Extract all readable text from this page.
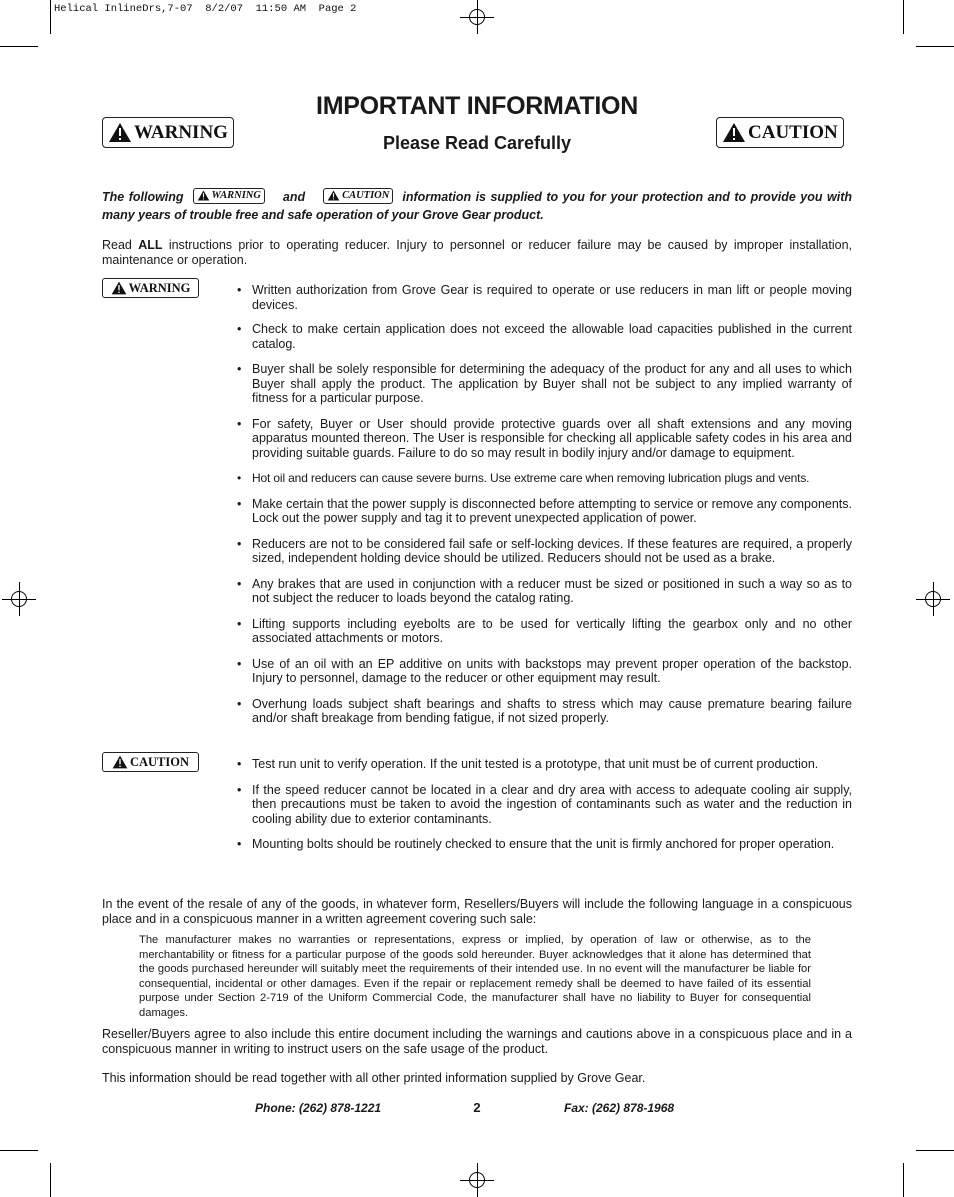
Helical InlineDrs,7-07  8/2/07  11:50 AM  Page 2
IMPORTANT INFORMATION
Please Read Carefully
WARNING	CAUTION
The following	WARNING and	CAUTION information is supplied to you for your protection and to provide you with many years of trouble free and safe operation of your Grove Gear product.
Read ALL instructions prior to operating reducer. Injury to personnel or reducer failure may be caused by improper installation, maintenance or operation.
WARNING	• Written authorization from Grove Gear is required to operate or use reducers in man lift or people moving devices.
• Check to make certain application does not exceed the allowable load capacities published in the current catalog.
• Buyer shall be solely responsible for determining the adequacy of the product for any and all uses to which Buyer shall apply the product. The application by Buyer shall not be subject to any implied warranty of fitness for a particular purpose.
• For safety, Buyer or User should provide protective guards over all shaft extensions and any moving apparatus mounted thereon. The User is responsible for checking all applicable safety codes in his area and providing suitable guards. Failure to do so may result in bodily injury and/or damage to equipment.
• Hot oil and reducers can cause severe burns. Use extreme care when removing lubrication plugs and vents.
• Make certain that the power supply is disconnected before attempting to service or remove any components. Lock out the power supply and tag it to prevent unexpected application of power.
• Reducers are not to be considered fail safe or self-locking devices. If these features are required, a properly sized, independent holding device should be utilized. Reducers should not be used as a brake.
• Any brakes that are used in conjunction with a reducer must be sized or positioned in such a way so as to not subject the reducer to loads beyond the catalog rating.
• Lifting supports including eyebolts are to be used for vertically lifting the gearbox only and no other associated attachments or motors.
• Use of an oil with an EP additive on units with backstops may prevent proper operation of the backstop. Injury to personnel, damage to the reducer or other equipment may result.
• Overhung loads subject shaft bearings and shafts to stress which may cause premature bearing failure and/or shaft breakage from bending fatigue, if not sized properly.
CAUTION	• Test run unit to verify operation. If the unit tested is a prototype, that unit must be of current production.
• If the speed reducer cannot be located in a clear and dry area with access to adequate cooling air supply, then precautions must be taken to avoid the ingestion of contaminants such as water and the reduction in cooling ability due to exterior contaminants.
• Mounting bolts should be routinely checked to ensure that the unit is firmly anchored for proper operation.
In the event of the resale of any of the goods, in whatever form, Resellers/Buyers will include the following language in a conspicuous place and in a conspicuous manner in a written agreement covering such sale:
The manufacturer makes no warranties or representations, express or implied, by operation of law or otherwise, as to the merchantability or fitness for a particular purpose of the goods sold hereunder. Buyer acknowledges that it alone has determined that the goods purchased hereunder will suitably meet the requirements of their intended use. In no event will the manufacturer be liable for consequential, incidental or other damages. Even if the repair or replacement remedy shall be deemed to have failed of its essential purpose under Section 2-719 of the Uniform Commercial Code, the manufacturer shall have no liability to Buyer for consequential damages.
Reseller/Buyers agree to also include this entire document including the warnings and cautions above in a conspicuous place and in a conspicuous manner in writing to instruct users on the safe usage of the product.
This information should be read together with all other printed information supplied by Grove Gear.
Phone: (262) 878-1221	2	Fax: (262) 878-1968
